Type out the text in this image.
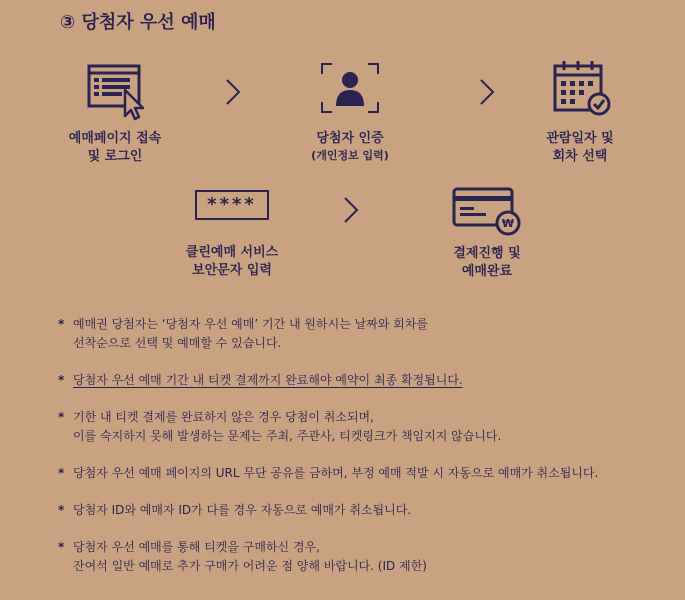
③ 당첨자 우선 예매
예매페이지 접속
및 로그인
당첨자 인증
(개인정보 입력)
관람일자 및
회차 선택
****
클린예매 서비스
보안문자 입력
₩
결제진행 및
예매완료
* 예매권 당첨자는 ‘당첨자 우선 예매’ 기간 내 원하시는 날짜와 회차를
선착순으로 선택 및 예매할 수 있습니다.
* 당첨자 우선 예매 기간 내 티켓 결제까지 완료해야 예약이 최종 확정됩니다.
* 기한 내 티켓 결제를 완료하지 않은 경우 당첨이 취소되며,
이를 숙지하지 못해 발생하는 문제는 주최, 주관사, 티켓링크가 책임지지 않습니다.
* 당첨자 우선 예매 페이지의 URL 무단 공유를 금하며, 부정 예매 적발 시 자동으로 예매가 취소됩니다.
* 당첨자 ID와 예매자 ID가 다를 경우 자동으로 예매가 취소됩니다.
* 당첨자 우선 예매를 통해 티켓을 구매하신 경우,
잔여석 일반 예매로 추가 구매가 어려운 점 양해 바랍니다. (ID 제한)
